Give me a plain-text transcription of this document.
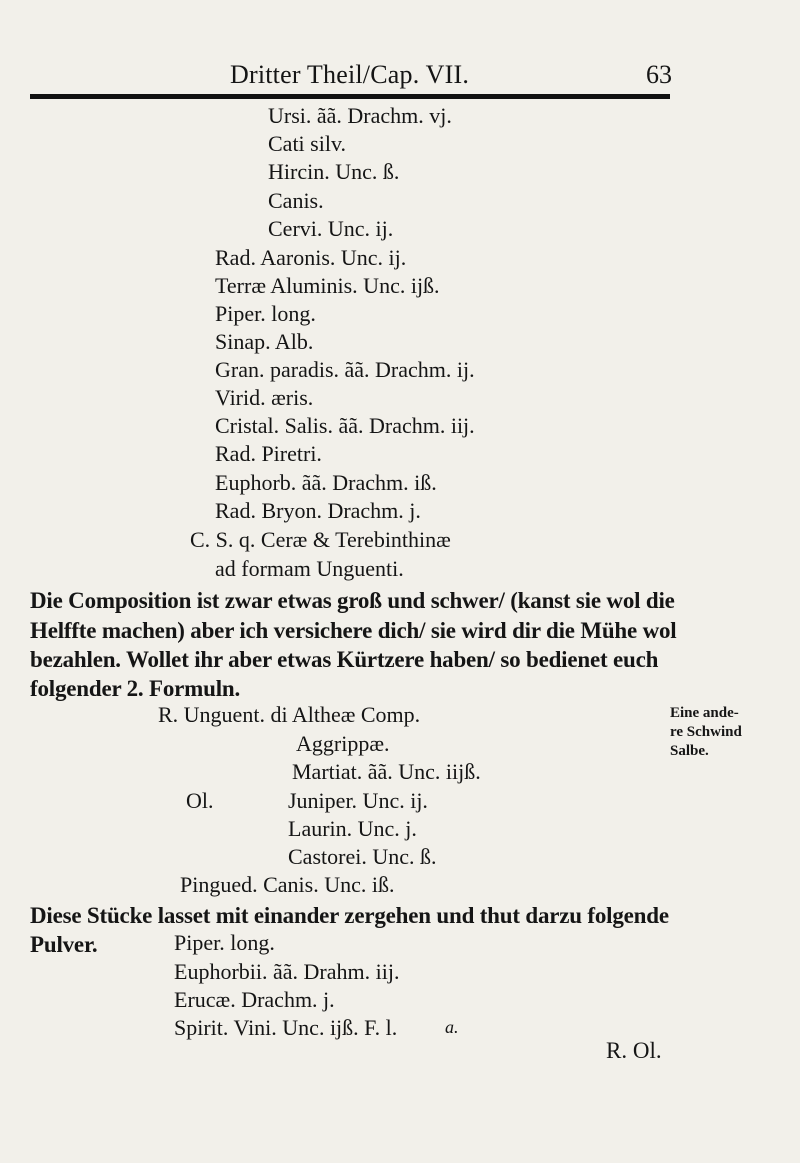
Dritter Theil/Cap. VII.	63
Ursi. ãã. Drachm. vj.
Cati silv.
Hircin. Unc. ß.
Canis.
Cervi. Unc. ij.
Rad. Aaronis. Unc. ij.
Terræ Aluminis. Unc. ijß.
Piper. long.
Sinap. Alb.
Gran. paradis. ãã. Drachm. ij.
Virid. æris.
Cristal. Salis. ãã. Drachm. iij.
Rad. Piretri.
Euphorb. ãã. Drachm. iß.
Rad. Bryon. Drachm. j.
C. S. q. Ceræ & Terebinthinæ
ad formam Unguenti.
Die Composition ist zwar etwas groß und schwer/ (kanst sie wol die
Helffte machen) aber ich versichere dich/ sie wird dir die Mühe wol
bezahlen. Wollet ihr aber etwas Kürtzere haben/ so bedienet euch
folgender 2. Formuln.
R. Unguent. di Altheæ Comp.
Aggrippæ.
Martiat. ãã. Unc. iijß.
Ol.	Juniper. Unc. ij.
Laurin. Unc. j.
Castorei. Unc. ß.
Pingued. Canis. Unc. iß.
Diese Stücke lasset mit einander zergehen und thut darzu folgende
Pulver.	Piper. long.
Euphorbii. ãã. Drahm. iij.
Erucæ. Drachm. j.
Spirit. Vini. Unc. ijß. F. l.	a.
Eine ande-
re Schwind
Salbe.
R. Ol.
